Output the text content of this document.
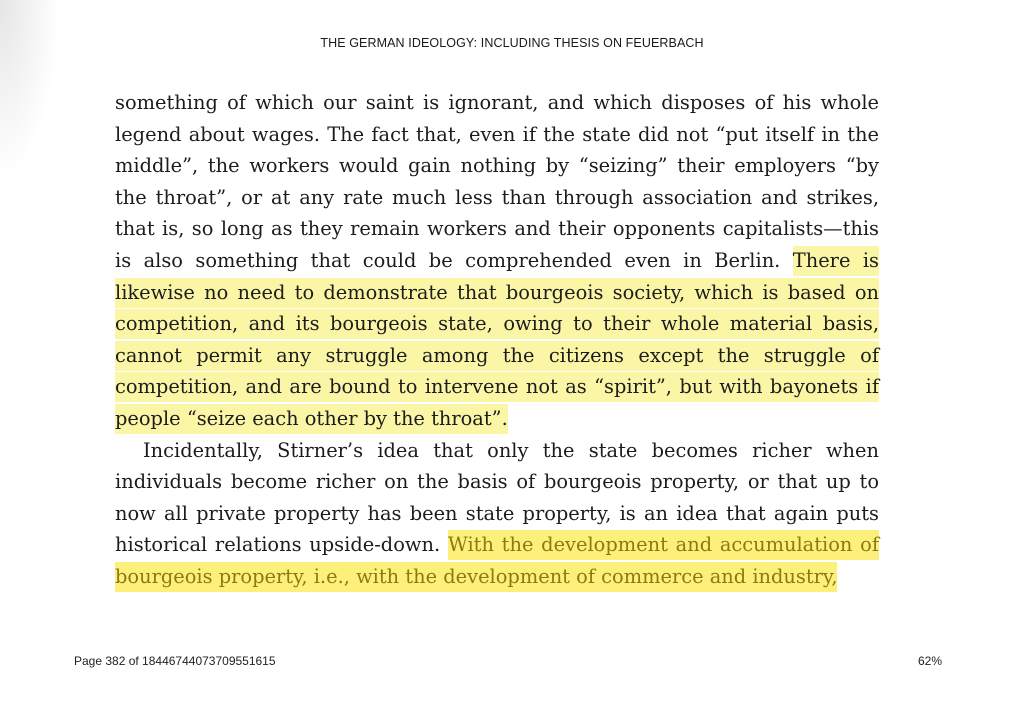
THE GERMAN IDEOLOGY: INCLUDING THESIS ON FEUERBACH

something of which our saint is ignorant, and which disposes of his whole legend about wages. The fact that, even if the state did not “put itself in the middle”, the workers would gain nothing by “seizing” their employers “by the throat”, or at any rate much less than through association and strikes, that is, so long as they remain workers and their opponents capitalists—this is also something that could be comprehended even in Berlin. There is likewise no need to demonstrate that bourgeois society, which is based on competition, and its bourgeois state, owing to their whole material basis, cannot permit any struggle among the citizens except the struggle of competition, and are bound to intervene not as “spirit”, but with bayonets if people “seize each other by the throat”.

Incidentally, Stirner’s idea that only the state becomes richer when individuals become richer on the basis of bourgeois property, or that up to now all private property has been state property, is an idea that again puts historical relations upside-down. With the development and accumulation of bourgeois property, i.e., with the development of commerce and industry,

Page 382 of 18446744073709551615	62%
